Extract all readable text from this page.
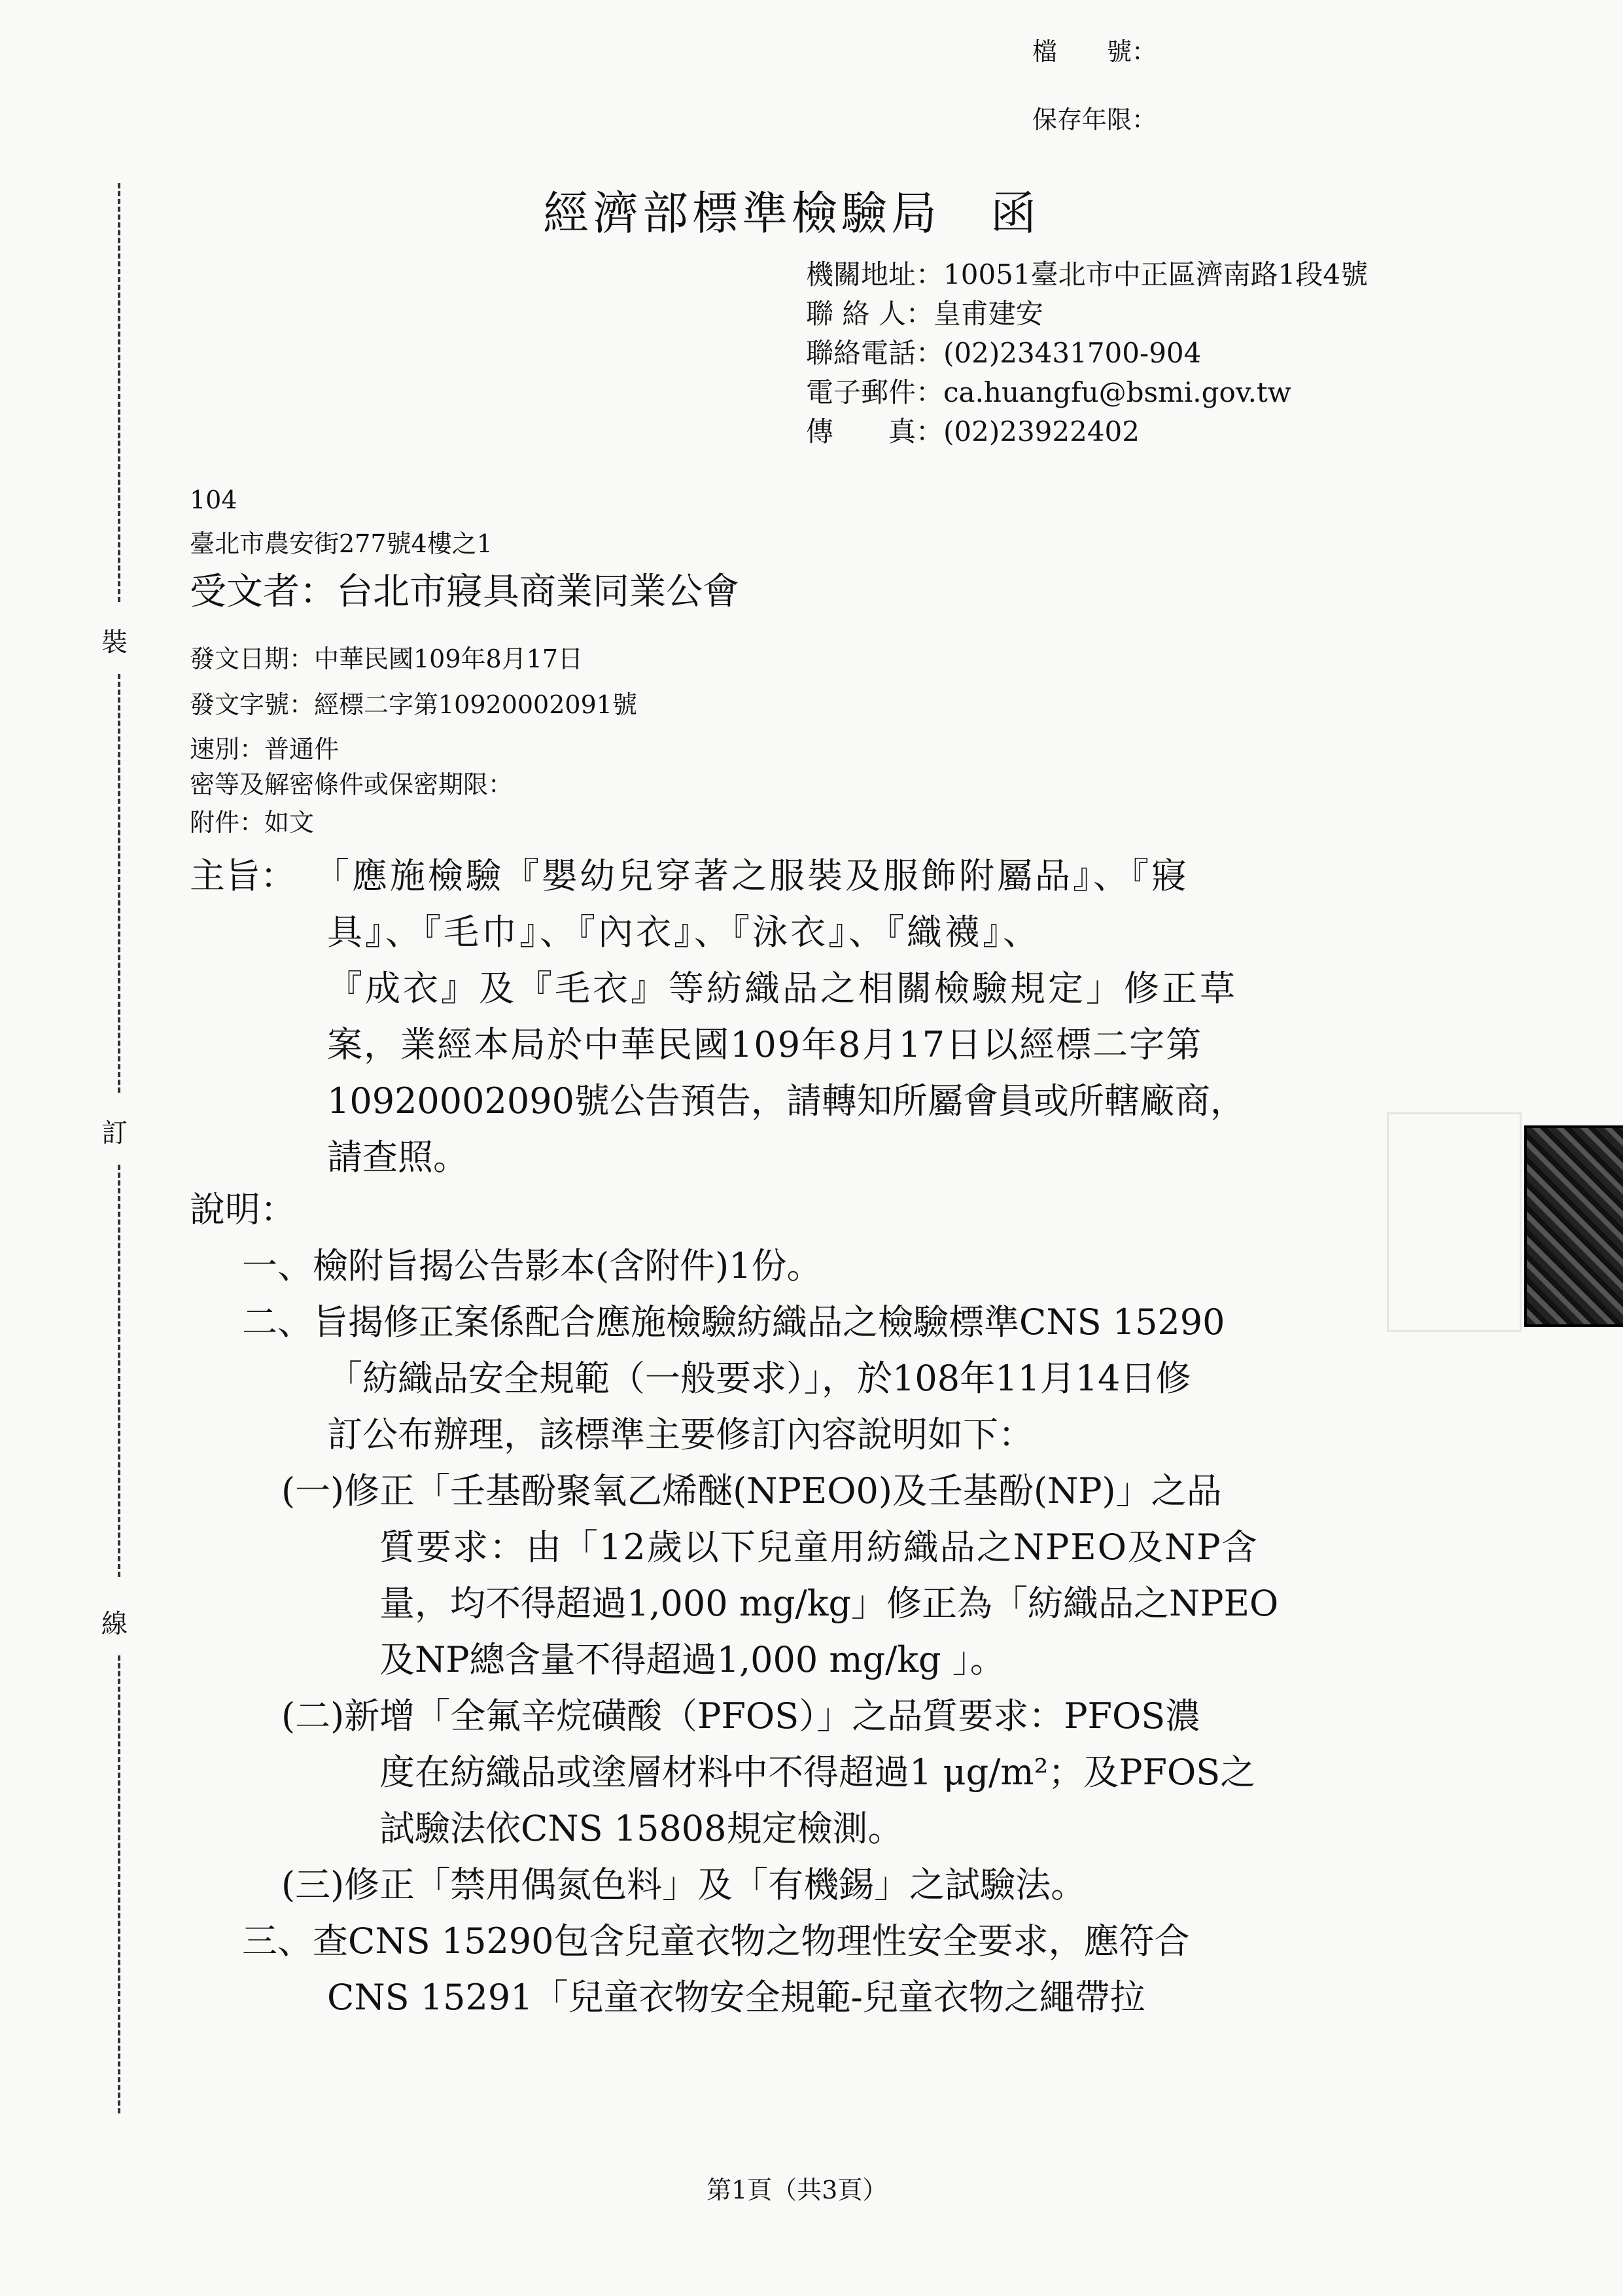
檔　　號：
保存年限：
裝
訂
線
經濟部標準檢驗局　函
機關地址：10051臺北市中正區濟南路1段4號
聯 絡 人：皇甫建安
聯絡電話：(02)23431700-904
電子郵件：ca.huangfu@bsmi.gov.tw
傳　　真：(02)23922402
104
臺北市農安街277號4樓之1
受文者：台北市寢具商業同業公會
發文日期：中華民國109年8月17日
發文字號：經標二字第10920002091號
速別：普通件
密等及解密條件或保密期限：
附件：如文
主旨： 「應施檢驗『嬰幼兒穿著之服裝及服飾附屬品』、『寢
具』、『毛巾』、『內衣』、『泳衣』、『織襪』、
『成衣』及『毛衣』等紡織品之相關檢驗規定」修正草
案，業經本局於中華民國109年8月17日以經標二字第
10920002090號公告預告，請轉知所屬會員或所轄廠商，
請查照。
說明：
一、檢附旨揭公告影本(含附件)1份。
二、旨揭修正案係配合應施檢驗紡織品之檢驗標準CNS 15290
「紡織品安全規範（一般要求）」，於108年11月14日修
訂公布辦理，該標準主要修訂內容說明如下：
(一)修正「壬基酚聚氧乙烯醚(NPEO0)及壬基酚(NP)」之品
質要求：由「12歲以下兒童用紡織品之NPEO及NP含
量，均不得超過1,000 mg/kg」修正為「紡織品之NPEO
及NP總含量不得超過1,000 mg/kg 」。
(二)新增「全氟辛烷磺酸（PFOS）」之品質要求：PFOS濃
度在紡織品或塗層材料中不得超過1 μg/m²；及PFOS之
試驗法依CNS 15808規定檢測。
(三)修正「禁用偶氮色料」及「有機錫」之試驗法。
三、查CNS 15290包含兒童衣物之物理性安全要求，應符合
CNS 15291「兒童衣物安全規範-兒童衣物之繩帶拉
第1頁（共3頁）
